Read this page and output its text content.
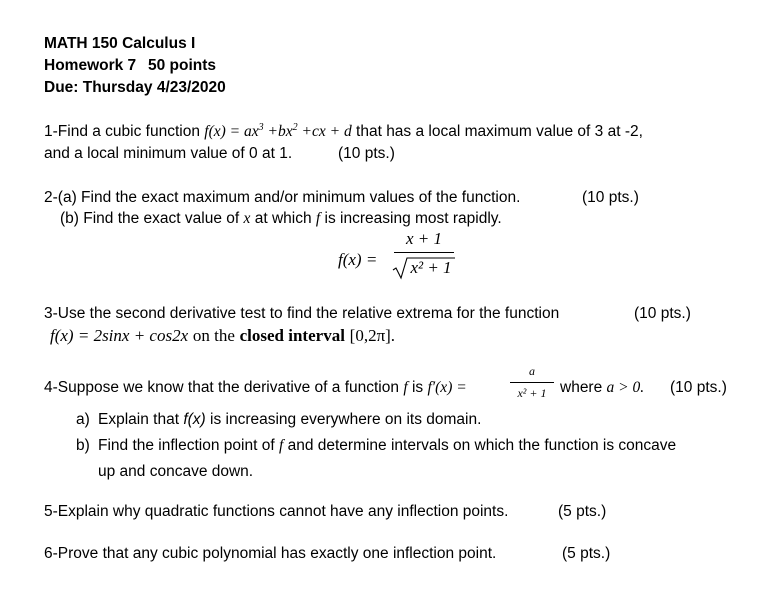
MATH 150 Calculus I
Homework 7 50 points
Due: Thursday 4/23/2020
1-Find a cubic function $f(x) = ax^3 +bx^2 +cx + d$ that has a local maximum value of 3 at -2,
and a local minimum value of 0 at 1.	(10 pts.)
2-(a) Find the exact maximum and/or minimum values of the function.	(10 pts.)
(b) Find the exact value of x at which f is increasing most rapidly.
f(x) =
x + 1
x² + 1
3-Use the second derivative test to find the relative extrema for the function	(10 pts.)
f(x) = 2sinx + cos2x on the closed interval [0,2π].
4-Suppose we know that the derivative of a function f is f′(x) =
a
x² + 1 where a > 0. (10 pts.)
a) Explain that f(x) is increasing everywhere on its domain.
b) Find the inflection point of f and determine intervals on which the function is concave
up and concave down.
5-Explain why quadratic functions cannot have any inflection points.	(5 pts.)
6-Prove that any cubic polynomial has exactly one inflection point.	(5 pts.)
